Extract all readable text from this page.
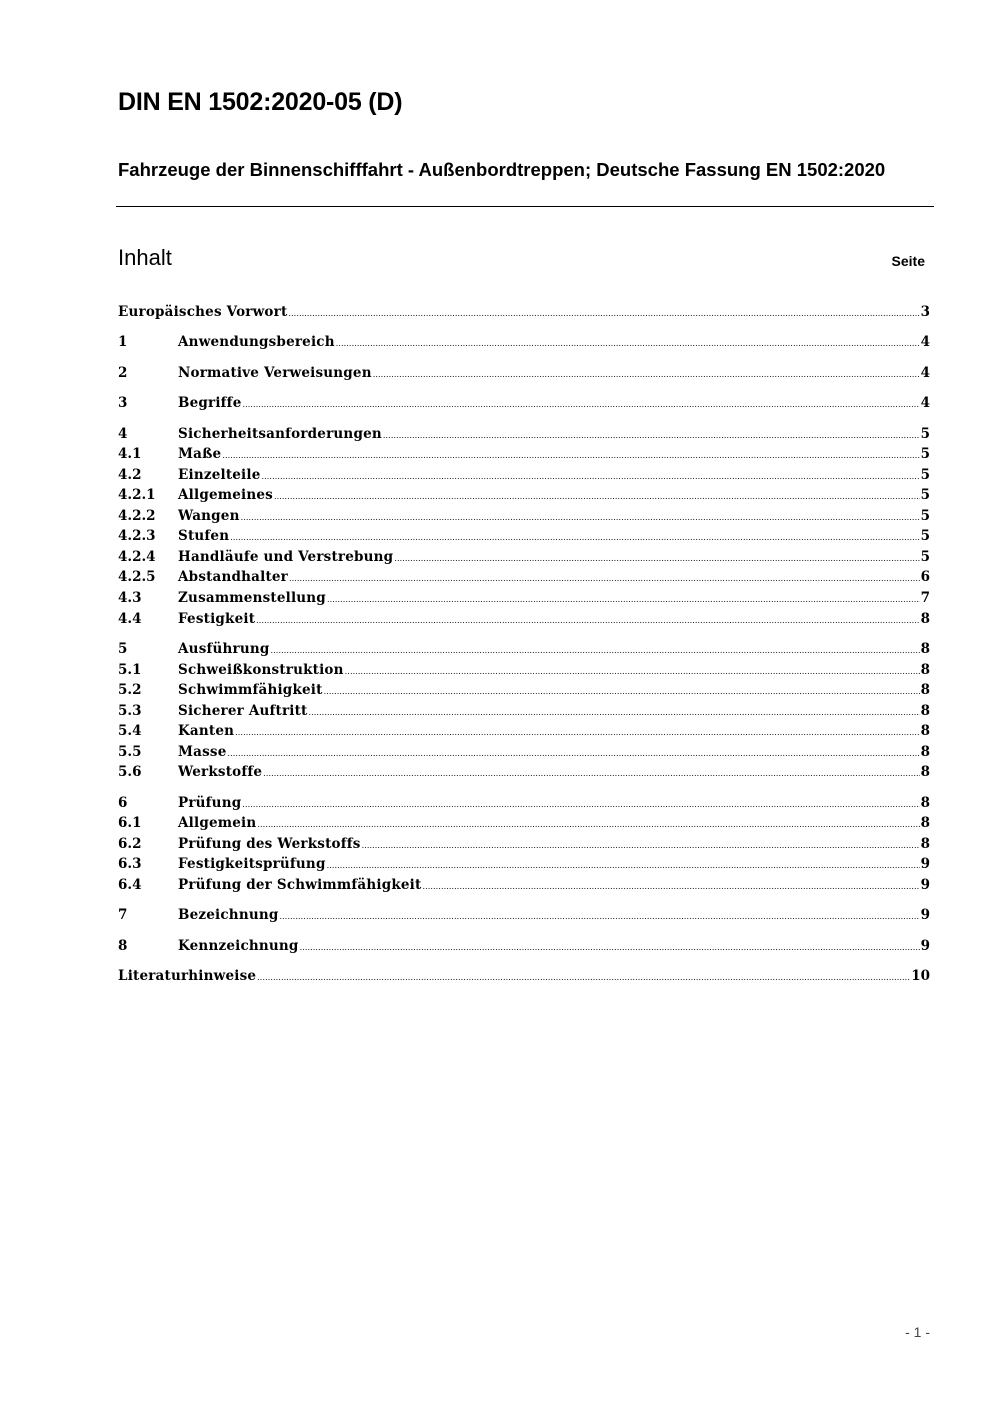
DIN EN 1502:2020-05 (D)
Fahrzeuge der Binnenschifffahrt - Außenbordtreppen; Deutsche Fassung EN 1502:2020
Inhalt	Seite
Europäisches Vorwort .....	3
1	Anwendungsbereich .....	4
2	Normative Verweisungen .....	4
3	Begriffe .....	4
4	Sicherheitsanforderungen .....	5
4.1	Maße .....	5
4.2	Einzelteile .....	5
4.2.1	Allgemeines .....	5
4.2.2	Wangen .....	5
4.2.3	Stufen .....	5
4.2.4	Handläufe und Verstrebung .....	5
4.2.5	Abstandhalter .....	6
4.3	Zusammenstellung .....	7
4.4	Festigkeit .....	8
5	Ausführung .....	8
5.1	Schweißkonstruktion .....	8
5.2	Schwimmfähigkeit .....	8
5.3	Sicherer Auftritt .....	8
5.4	Kanten .....	8
5.5	Masse .....	8
5.6	Werkstoffe .....	8
6	Prüfung .....	8
6.1	Allgemein .....	8
6.2	Prüfung des Werkstoffs .....	8
6.3	Festigkeitsprüfung .....	9
6.4	Prüfung der Schwimmfähigkeit .....	9
7	Bezeichnung .....	9
8	Kennzeichnung .....	9
Literaturhinweise .....	10
- 1 -
